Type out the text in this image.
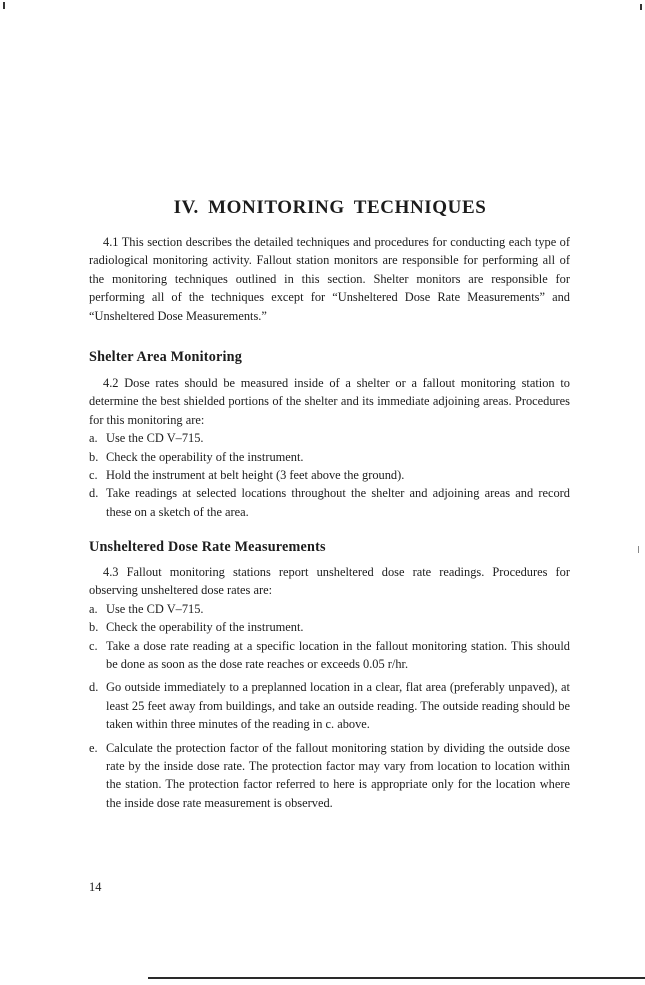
IV. MONITORING TECHNIQUES

4.1 This section describes the detailed techniques and procedures for conducting each type of radiological monitoring activity. Fallout station monitors are responsible for performing all of the monitoring techniques outlined in this section. Shelter monitors are responsible for performing all of the techniques except for “Unsheltered Dose Rate Measurements” and “Unsheltered Dose Measurements.”

Shelter Area Monitoring

4.2 Dose rates should be measured inside of a shelter or a fallout monitoring station to determine the best shielded portions of the shelter and its immediate adjoining areas. Procedures for this monitoring are:

a. Use the CD V–715.
b. Check the operability of the instrument.
c. Hold the instrument at belt height (3 feet above the ground).
d. Take readings at selected locations throughout the shelter and adjoining areas and record these on a sketch of the area.
Unsheltered Dose Rate Measurements

4.3 Fallout monitoring stations report unsheltered dose rate readings. Procedures for observing unsheltered dose rates are:

a. Use the CD V–715.
b. Check the operability of the instrument.
c. Take a dose rate reading at a specific location in the fallout monitoring station. This should be done as soon as the dose rate reaches or exceeds 0.05 r/hr.
d. Go outside immediately to a preplanned location in a clear, flat area (preferably unpaved), at least 25 feet away from buildings, and take an outside reading. The outside reading should be taken within three minutes of the reading in c. above.
e. Calculate the protection factor of the fallout monitoring station by dividing the outside dose rate by the inside dose rate. The protection factor may vary from location to location within the station. The protection factor referred to here is appropriate only for the location where the inside dose rate measurement is observed.
14
